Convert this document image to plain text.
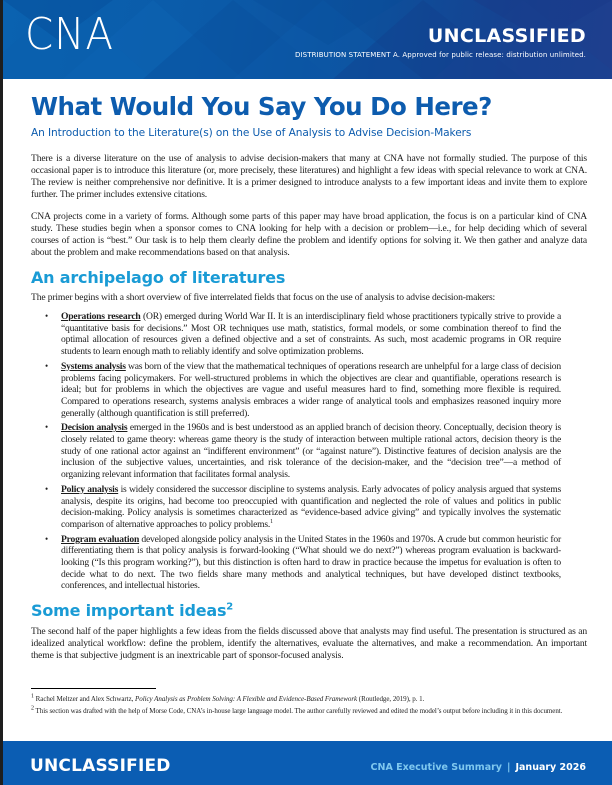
CNA	UNCLASSIFIED
DISTRIBUTION STATEMENT A. Approved for public release: distribution unlimited.
What Would You Say You Do Here?
An Introduction to the Literature(s) on the Use of Analysis to Advise Decision-Makers

There is a diverse literature on the use of analysis to advise decision-makers that many at CNA have not formally studied. The purpose of this occasional paper is to introduce this literature (or, more precisely, these literatures) and highlight a few ideas with special relevance to work at CNA. The review is neither comprehensive nor definitive. It is a primer designed to introduce analysts to a few important ideas and invite them to explore further. The primer includes extensive citations.

CNA projects come in a variety of forms. Although some parts of this paper may have broad application, the focus is on a particular kind of CNA study. These studies begin when a sponsor comes to CNA looking for help with a decision or problem—i.e., for help deciding which of several courses of action is “best.” Our task is to help them clearly define the problem and identify options for solving it. We then gather and analyze data about the problem and make recommendations based on that analysis.

An archipelago of literatures

The primer begins with a short overview of five interrelated fields that focus on the use of analysis to advise decision-makers:

• Operations research (OR) emerged during World War II. It is an interdisciplinary field whose practitioners typically strive to provide a “quantitative basis for decisions.” Most OR techniques use math, statistics, formal models, or some combination thereof to find the optimal allocation of resources given a defined objective and a set of constraints. As such, most academic programs in OR require students to learn enough math to reliably identify and solve optimization problems.
• Systems analysis was born of the view that the mathematical techniques of operations research are unhelpful for a large class of decision problems facing policymakers. For well-structured problems in which the objectives are clear and quantifiable, operations research is ideal; but for problems in which the objectives are vague and useful measures hard to find, something more flexible is required. Compared to operations research, systems analysis embraces a wider range of analytical tools and emphasizes reasoned inquiry more generally (although quantification is still preferred).
• Decision analysis emerged in the 1960s and is best understood as an applied branch of decision theory. Conceptually, decision theory is closely related to game theory: whereas game theory is the study of interaction between multiple rational actors, decision theory is the study of one rational actor against an “indifferent environment” (or “against nature”). Distinctive features of decision analysis are the inclusion of the subjective values, uncertainties, and risk tolerance of the decision-maker, and the “decision tree”—a method of organizing relevant information that facilitates formal analysis.
• Policy analysis is widely considered the successor discipline to systems analysis. Early advocates of policy analysis argued that systems analysis, despite its origins, had become too preoccupied with quantification and neglected the role of values and politics in public decision-making. Policy analysis is sometimes characterized as “evidence-based advice giving” and typically involves the systematic comparison of alternative approaches to policy problems.$^1$
• Program evaluation developed alongside policy analysis in the United States in the 1960s and 1970s. A crude but common heuristic for differentiating them is that policy analysis is forward-looking (“What should we do next?”) whereas program evaluation is backward-looking (“Is this program working?”), but this distinction is often hard to draw in practice because the impetus for evaluation is often to decide what to do next. The two fields share many methods and analytical techniques, but have developed distinct textbooks, conferences, and intellectual histories.
Some important ideas$^2$

The second half of the paper highlights a few ideas from the fields discussed above that analysts may find useful. The presentation is structured as an idealized analytical workflow: define the problem, identify the alternatives, evaluate the alternatives, and make a recommendation. An important theme is that subjective judgment is an inextricable part of sponsor-focused analysis.

$^1$ Rachel Meltzer and Alex Schwartz, Policy Analysis as Problem Solving: A Flexible and Evidence-Based Framework (Routledge, 2019), p. 1.

$^2$ This section was drafted with the help of Morse Code, CNA’s in-house large language model. The author carefully reviewed and edited the model’s output before including it in this document.

UNCLASSIFIED	CNA Executive Summary | January 2026
